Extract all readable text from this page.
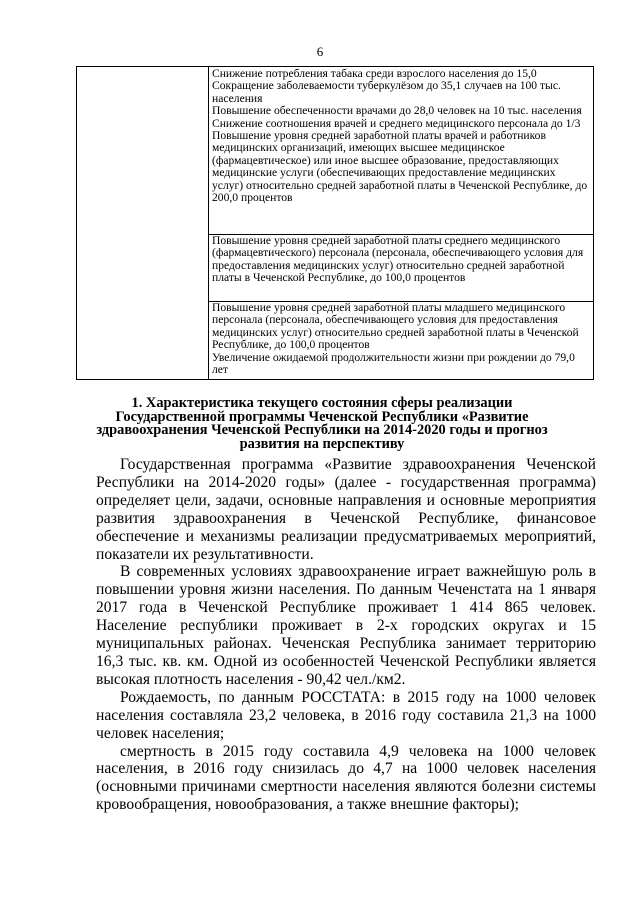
6

Снижение потребления табака среди взрослого населения до 15,0

Сокращение заболеваемости туберкулёзом до 35,1 случаев на 100 тыс. населения

Повышение обеспеченности врачами до 28,0 человек на 10 тыс. населения

Снижение соотношения врачей и среднего медицинского персонала до 1/3

Повышение уровня средней заработной платы врачей и работников медицинских организаций, имеющих высшее медицинское (фармацевтическое) или иное высшее образование, предоставляющих медицинские услуги (обеспечивающих предоставление медицинских услуг) относительно средней заработной платы в Чеченской Республике, до 200,0 процентов

Повышение уровня средней заработной платы среднего медицинского (фармацевтического) персонала (персонала, обеспечивающего условия для предоставления медицинских услуг) относительно средней заработной платы в Чеченской Республике, до 100,0 процентов

Повышение уровня средней заработной платы младшего медицинского персонала (персонала, обеспечивающего условия для предоставления медицинских услуг) относительно средней заработной платы в Чеченской Республике, до 100,0 процентов

Увеличение ожидаемой продолжительности жизни при рождении до 79,0 лет

1. Характеристика текущего состояния сферы реализации Государственной программы Чеченской Республики «Развитие здравоохранения Чеченской Республики на 2014-2020 годы и прогноз развития на перспективу

Государственная программа «Развитие здравоохранения Чеченской Республики на 2014-2020 годы» (далее - государственная программа) определяет цели, задачи, основные направления и основные мероприятия развития здравоохранения в Чеченской Республике, финансовое обеспечение и механизмы реализации предусматриваемых мероприятий, показатели их результативности.

В современных условиях здравоохранение играет важнейшую роль в повышении уровня жизни населения. По данным Чеченстата на 1 января 2017 года в Чеченской Республике проживает 1 414 865 человек. Население республики проживает в 2-х городских округах и 15 муниципальных районах. Чеченская Республика занимает территорию 16,3 тыс. кв. км. Одной из особенностей Чеченской Республики является высокая плотность населения - 90,42 чел./км2.

Рождаемость, по данным РОССТАТА: в 2015 году на 1000 человек населения составляла 23,2 человека, в 2016 году составила 21,3 на 1000 человек населения;

смертность в 2015 году составила 4,9 человека на 1000 человек населения, в 2016 году снизилась до 4,7 на 1000 человек населения (основными причинами смертности населения являются болезни системы кровообращения, новообразования, а также внешние факторы);
